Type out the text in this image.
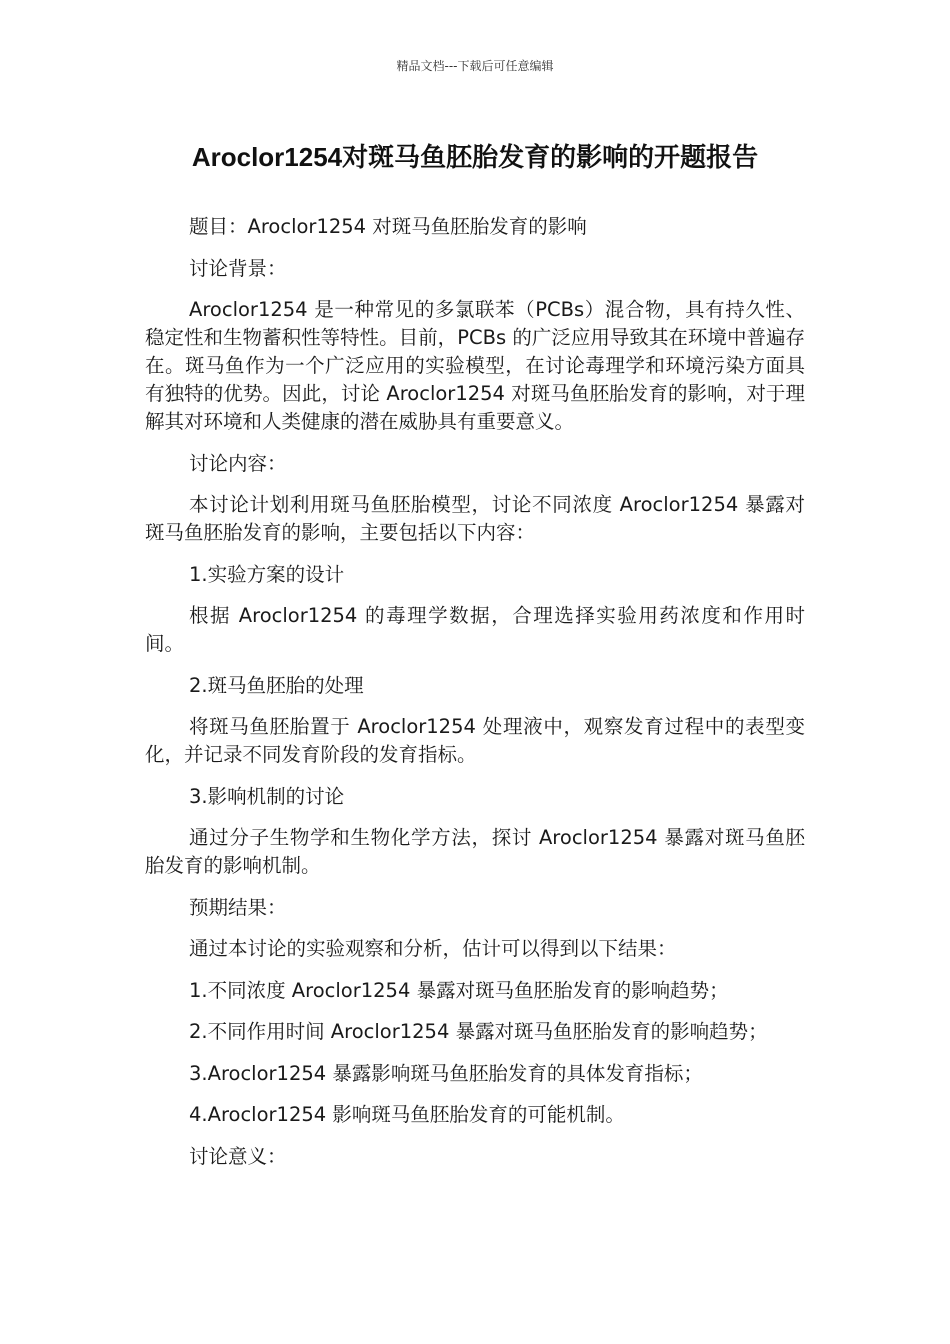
精品文档---下载后可任意编辑
Aroclor1254对斑马鱼胚胎发育的影响的开题报告

题目：Aroclor1254 对斑马鱼胚胎发育的影响

讨论背景：

Aroclor1254 是一种常见的多氯联苯（PCBs）混合物，具有持久性、稳定性和生物蓄积性等特性。目前，PCBs 的广泛应用导致其在环境中普遍存在。斑马鱼作为一个广泛应用的实验模型，在讨论毒理学和环境污染方面具有独特的优势。因此，讨论 Aroclor1254 对斑马鱼胚胎发育的影响，对于理解其对环境和人类健康的潜在威胁具有重要意义。

讨论内容：

本讨论计划利用斑马鱼胚胎模型，讨论不同浓度 Aroclor1254 暴露对斑马鱼胚胎发育的影响，主要包括以下内容：

1.实验方案的设计

根据 Aroclor1254 的毒理学数据，合理选择实验用药浓度和作用时间。

2.斑马鱼胚胎的处理

将斑马鱼胚胎置于 Aroclor1254 处理液中，观察发育过程中的表型变化，并记录不同发育阶段的发育指标。

3.影响机制的讨论

通过分子生物学和生物化学方法，探讨 Aroclor1254 暴露对斑马鱼胚胎发育的影响机制。

预期结果：

通过本讨论的实验观察和分析，估计可以得到以下结果：

1.不同浓度 Aroclor1254 暴露对斑马鱼胚胎发育的影响趋势；

2.不同作用时间 Aroclor1254 暴露对斑马鱼胚胎发育的影响趋势；

3.Aroclor1254 暴露影响斑马鱼胚胎发育的具体发育指标；

4.Aroclor1254 影响斑马鱼胚胎发育的可能机制。

讨论意义：
